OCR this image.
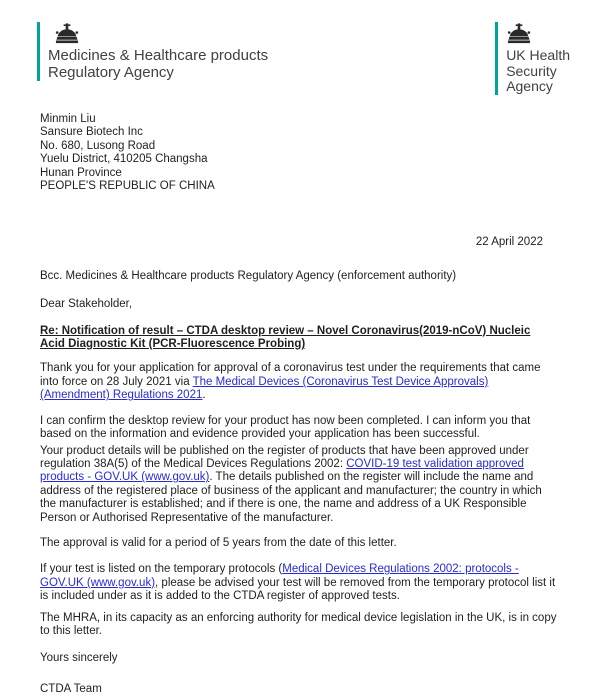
Medicines & Healthcare products
Regulatory Agency
UK Health
Security
Agency
Minmin Liu
Sansure Biotech Inc
No. 680, Lusong Road
Yuelu District, 410205 Changsha
Hunan Province
PEOPLE'S REPUBLIC OF CHINA
22 April 2022
Bcc. Medicines & Healthcare products Regulatory Agency (enforcement authority)
Dear Stakeholder,
Re: Notification of result – CTDA desktop review – Novel Coronavirus(2019-nCoV) Nucleic Acid Diagnostic Kit (PCR-Fluorescence Probing)

Thank you for your application for approval of a coronavirus test under the requirements that came into force on 28 July 2021 via The Medical Devices (Coronavirus Test Device Approvals) (Amendment) Regulations 2021.

I can confirm the desktop review for your product has now been completed. I can inform you that based on the information and evidence provided your application has been successful.

Your product details will be published on the register of products that have been approved under regulation 38A(5) of the Medical Devices Regulations 2002: COVID-19 test validation approved products - GOV.UK (www.gov.uk). The details published on the register will include the name and address of the registered place of business of the applicant and manufacturer; the country in which the manufacturer is established; and if there is one, the name and address of a UK Responsible Person or Authorised Representative of the manufacturer.

The approval is valid for a period of 5 years from the date of this letter.

If your test is listed on the temporary protocols (Medical Devices Regulations 2002: protocols - GOV.UK (www.gov.uk), please be advised your test will be removed from the temporary protocol list it is included under as it is added to the CTDA register of approved tests.

The MHRA, in its capacity as an enforcing authority for medical device legislation in the UK, is in copy to this letter.

Yours sincerely
CTDA Team
